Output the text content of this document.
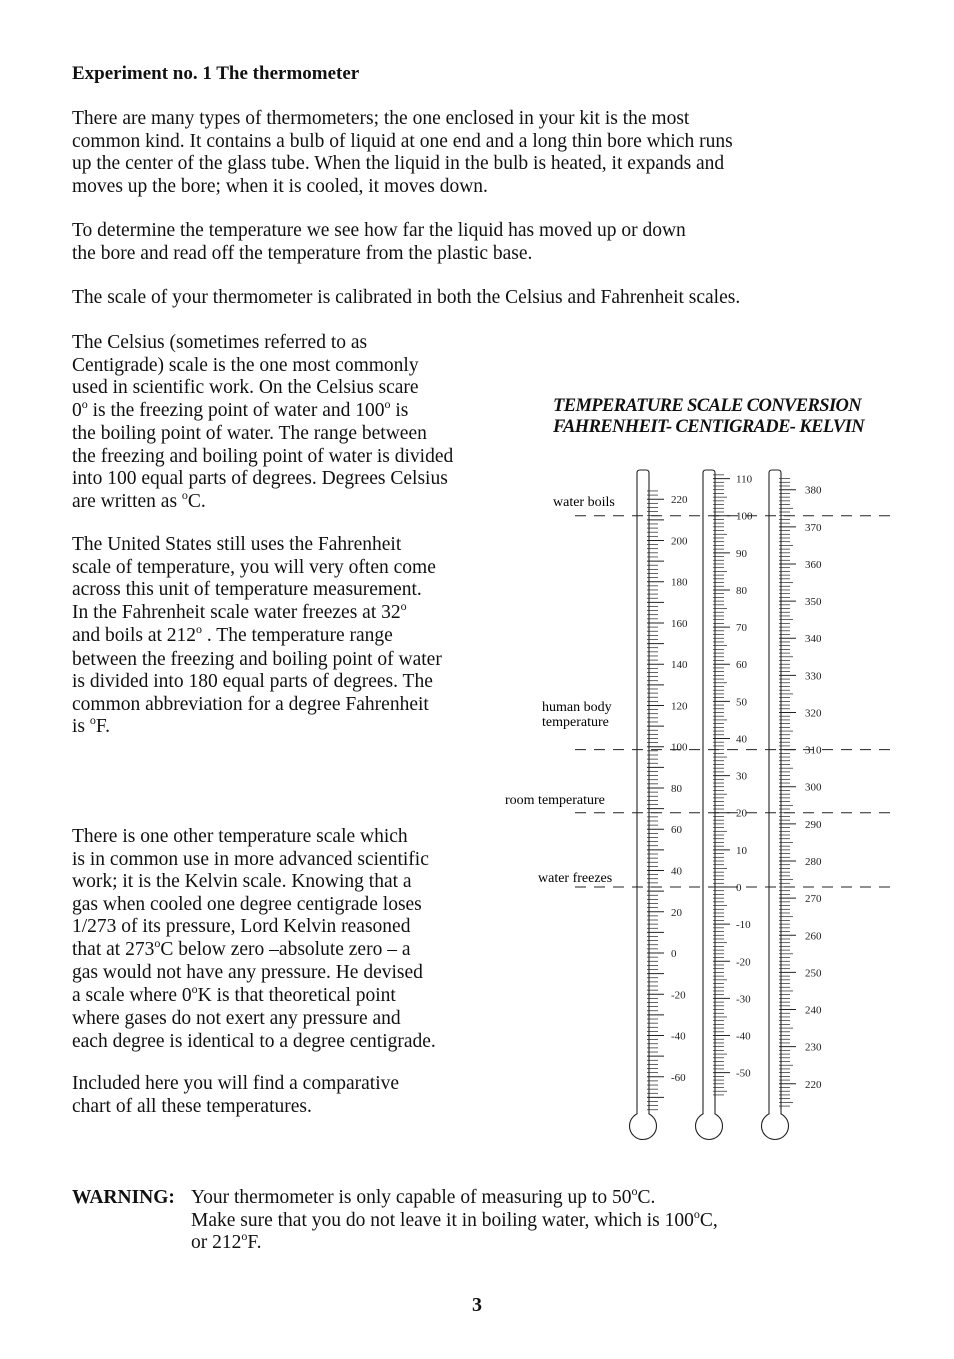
Experiment no. 1 The thermometer
There are many types of thermometers; the one enclosed in your kit is the most
common kind. It contains a bulb of liquid at one end and a long thin bore which runs
up the center of the glass tube. When the liquid in the bulb is heated, it expands and
moves up the bore; when it is cooled, it moves down.
To determine the temperature we see how far the liquid has moved up or down
the bore and read off the temperature from the plastic base.
The scale of your thermometer is calibrated in both the Celsius and Fahrenheit scales.
The Celsius (sometimes referred to as
Centigrade) scale is the one most commonly
used in scientific work. On the Celsius scare
0$^o$ is the freezing point of water and 100$^o$ is
the boiling point of water. The range between
the freezing and boiling point of water is divided
into 100 equal parts of degrees. Degrees Celsius
are written as $^o$C.
The United States still uses the Fahrenheit
scale of temperature, you will very often come
across this unit of temperature measurement.
In the Fahrenheit scale water freezes at 32$^o$
and boils at 212$^o$ . The temperature range
between the freezing and boiling point of water
is divided into 180 equal parts of degrees. The
common abbreviation for a degree Fahrenheit
is $^o$F.
There is one other temperature scale which
is in common use in more advanced scientific
work; it is the Kelvin scale. Knowing that a
gas when cooled one degree centigrade loses
1/273 of its pressure, Lord Kelvin reasoned
that at 273$^o$C below zero –absolute zero – a
gas would not have any pressure. He devised
a scale where 0$^o$K is that theoretical point
where gases do not exert any pressure and
each degree is identical to a degree centigrade.
Included here you will find a comparative
chart of all these temperatures.
TEMPERATURE SCALE CONVERSION
FAHRENHEIT- CENTIGRADE- KELVIN
220
200
180
160
140
120
100
80
60
40
20
0
-20
-40
-60
110
100
90
80
70
60
50
40
30
20
10
0
-10
-20
-30
-40
-50
380
370
360
350
340
330
320
310
300
290
280
270
260
250
240
230
220
water boils
human body
temperature
room temperature
water freezes
WARNING: Your thermometer is only capable of measuring up to 50$^o$C.
Make sure that you do not leave it in boiling water, which is 100$^o$C,
or 212$^o$F.
3
